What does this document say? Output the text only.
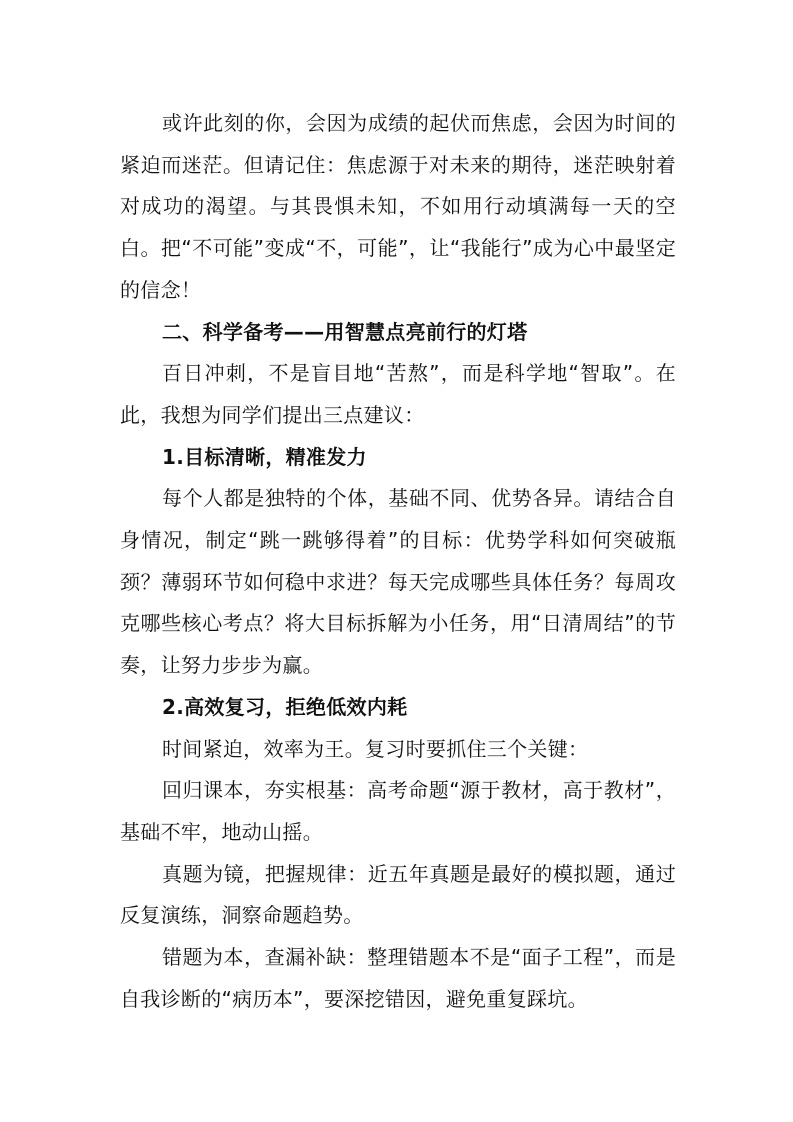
或许此刻的你，会因为成绩的起伏而焦虑，会因为时间的紧迫而迷茫。但请记住：焦虑源于对未来的期待，迷茫映射着对成功的渴望。与其畏惧未知，不如用行动填满每一天的空白。把“不可能”变成“不，可能”，让“我能行”成为心中最坚定的信念！

二、科学备考——用智慧点亮前行的灯塔

百日冲刺，不是盲目地“苦熬”，而是科学地“智取”。在此，我想为同学们提出三点建议：

1.目标清晰，精准发力

每个人都是独特的个体，基础不同、优势各异。请结合自身情况，制定“跳一跳够得着”的目标：优势学科如何突破瓶颈？薄弱环节如何稳中求进？每天完成哪些具体任务？每周攻克哪些核心考点？将大目标拆解为小任务，用“日清周结”的节奏，让努力步步为赢。

2.高效复习，拒绝低效内耗

时间紧迫，效率为王。复习时要抓住三个关键：

回归课本，夯实根基：高考命题“源于教材，高于教材”，基础不牢，地动山摇。

真题为镜，把握规律：近五年真题是最好的模拟题，通过反复演练，洞察命题趋势。

错题为本，查漏补缺：整理错题本不是“面子工程”，而是自我诊断的“病历本”，要深挖错因，避免重复踩坑。
